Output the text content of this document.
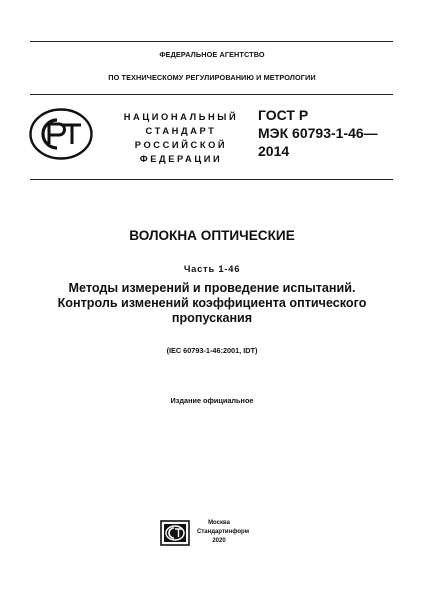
ФЕДЕРАЛЬНОЕ АГЕНТСТВО
ПО ТЕХНИЧЕСКОМУ РЕГУЛИРОВАНИЮ И МЕТРОЛОГИИ
НАЦИОНАЛЬНЫЙ
СТАНДАРТ
РОССИЙСКОЙ
ФЕДЕРАЦИИ
ГОСТ Р
МЭК 60793-1-46—
2014
ВОЛОКНА ОПТИЧЕСКИЕ
Часть 1-46
Методы измерений и проведение испытаний.
Контроль изменений коэффициента оптического
пропускания
(IEC 60793-1-46:2001, IDT)
Издание официальное
Москва
Стандартинформ
2020
